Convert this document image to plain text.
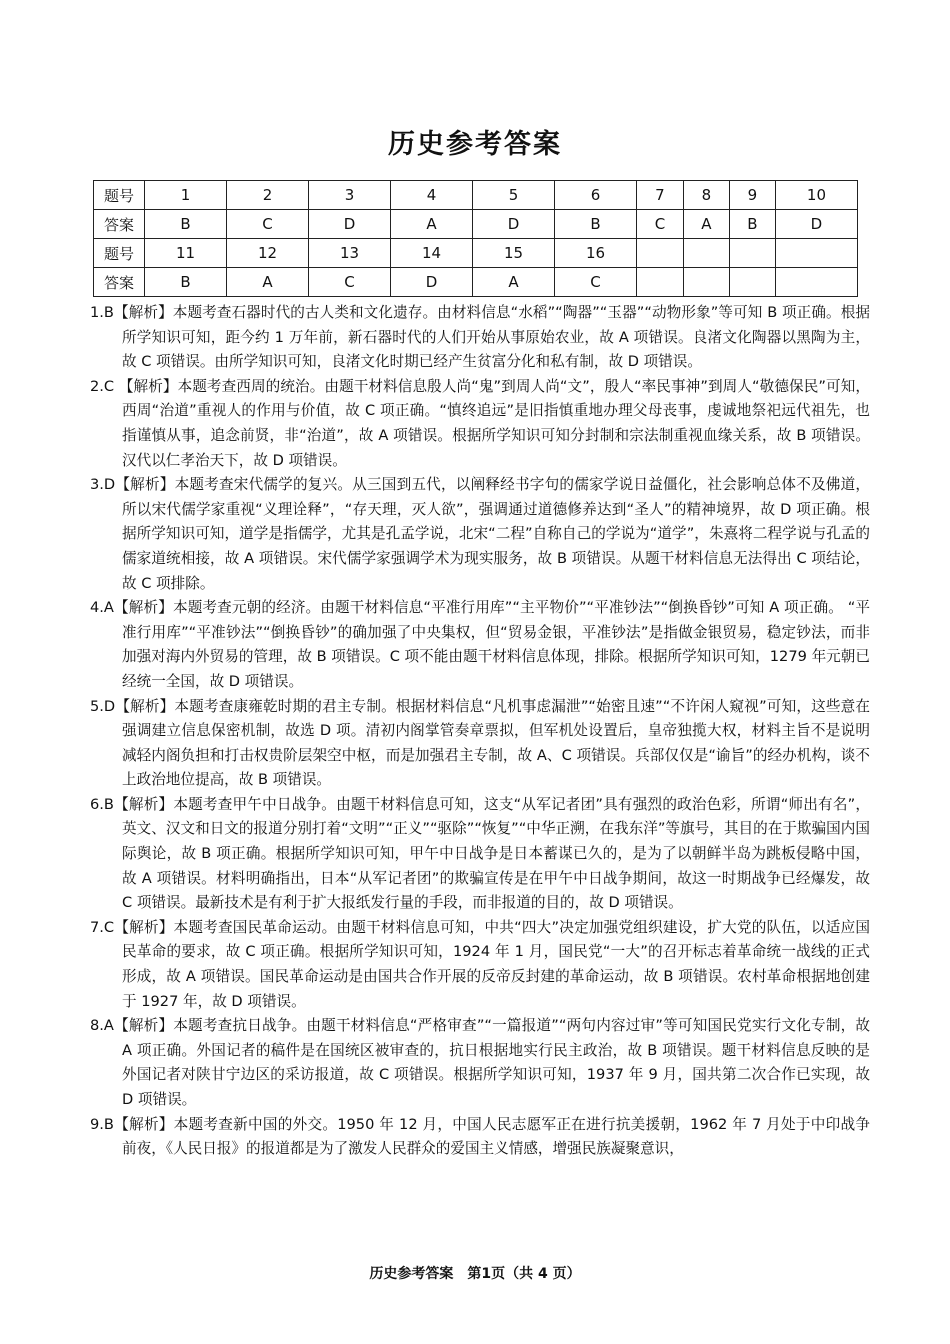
历史参考答案
题号	1	2	3	4	5	6	7	8	9	10
答案	B	C	D	A	D	B	C	A	B	D
题号	11	12	13	14	15	16				
答案	B	A	C	D	A	C				

1.B【解析】本题考查石器时代的古人类和文化遗存。由材料信息“水稻”“陶器”“玉器”“动物形象”等可知 B 项正确。根据所学知识可知，距今约 1 万年前，新石器时代的人们开始从事原始农业，故 A 项错误。良渚文化陶器以黑陶为主，故 C 项错误。由所学知识可知，良渚文化时期已经产生贫富分化和私有制，故 D 项错误。

2.C 【解析】本题考查西周的统治。由题干材料信息殷人尚“鬼”到周人尚“文”，殷人“率民事神”到周人“敬德保民”可知，西周“治道”重视人的作用与价值，故 C 项正确。“慎终追远”是旧指慎重地办理父母丧事，虔诚地祭祀远代祖先，也指谨慎从事，追念前贤，非“治道”，故 A 项错误。根据所学知识可知分封制和宗法制重视血缘关系，故 B 项错误。汉代以仁孝治天下，故 D 项错误。

3.D【解析】本题考查宋代儒学的复兴。从三国到五代，以阐释经书字句的儒家学说日益僵化，社会影响总体不及佛道，所以宋代儒学家重视“义理诠释”，“存天理，灭人欲”，强调通过道德修养达到“圣人”的精神境界，故 D 项正确。根据所学知识可知，道学是指儒学，尤其是孔孟学说，北宋“二程”自称自己的学说为“道学”，朱熹将二程学说与孔孟的儒家道统相接，故 A 项错误。宋代儒学家强调学术为现实服务，故 B 项错误。从题干材料信息无法得出 C 项结论，故 C 项排除。

4.A【解析】本题考查元朝的经济。由题干材料信息“平准行用库”“主平物价”“平准钞法”“倒换昏钞”可知 A 项正确。 “平准行用库”“平准钞法”“倒换昏钞”的确加强了中央集权，但“贸易金银，平准钞法”是指做金银贸易，稳定钞法，而非加强对海内外贸易的管理，故 B 项错误。C 项不能由题干材料信息体现，排除。根据所学知识可知，1279 年元朝已经统一全国，故 D 项错误。

5.D【解析】本题考查康雍乾时期的君主专制。根据材料信息“凡机事虑漏泄”“始密且速”“不许闲人窥视”可知，这些意在强调建立信息保密机制，故选 D 项。清初内阁掌管奏章票拟，但军机处设置后，皇帝独揽大权，材料主旨不是说明减轻内阁负担和打击权贵阶层架空中枢，而是加强君主专制，故 A、C 项错误。兵部仅仅是“谕旨”的经办机构，谈不上政治地位提高，故 B 项错误。

6.B【解析】本题考查甲午中日战争。由题干材料信息可知，这支“从军记者团”具有强烈的政治色彩，所谓“师出有名”，英文、汉文和日文的报道分别打着“文明”“正义”“驱除”“恢复”“中华正溯，在我东洋”等旗号，其目的在于欺骗国内国际舆论，故 B 项正确。根据所学知识可知，甲午中日战争是日本蓄谋已久的，是为了以朝鲜半岛为跳板侵略中国，故 A 项错误。材料明确指出，日本“从军记者团”的欺骗宣传是在甲午中日战争期间，故这一时期战争已经爆发，故 C 项错误。最新技术是有利于扩大报纸发行量的手段，而非报道的目的，故 D 项错误。

7.C【解析】本题考查国民革命运动。由题干材料信息可知，中共“四大”决定加强党组织建设，扩大党的队伍，以适应国民革命的要求，故 C 项正确。根据所学知识可知，1924 年 1 月，国民党“一大”的召开标志着革命统一战线的正式形成，故 A 项错误。国民革命运动是由国共合作开展的反帝反封建的革命运动，故 B 项错误。农村革命根据地创建于 1927 年，故 D 项错误。

8.A【解析】本题考查抗日战争。由题干材料信息“严格审查”“一篇报道”“两句内容过审”等可知国民党实行文化专制，故 A 项正确。外国记者的稿件是在国统区被审查的，抗日根据地实行民主政治，故 B 项错误。题干材料信息反映的是外国记者对陕甘宁边区的采访报道，故 C 项错误。根据所学知识可知，1937 年 9 月，国共第二次合作已实现，故 D 项错误。

9.B【解析】本题考查新中国的外交。1950 年 12 月，中国人民志愿军正在进行抗美援朝，1962 年 7 月处于中印战争前夜，《人民日报》的报道都是为了激发人民群众的爱国主义情感，增强民族凝聚意识，

历史参考答案　第1页（共 4 页）
